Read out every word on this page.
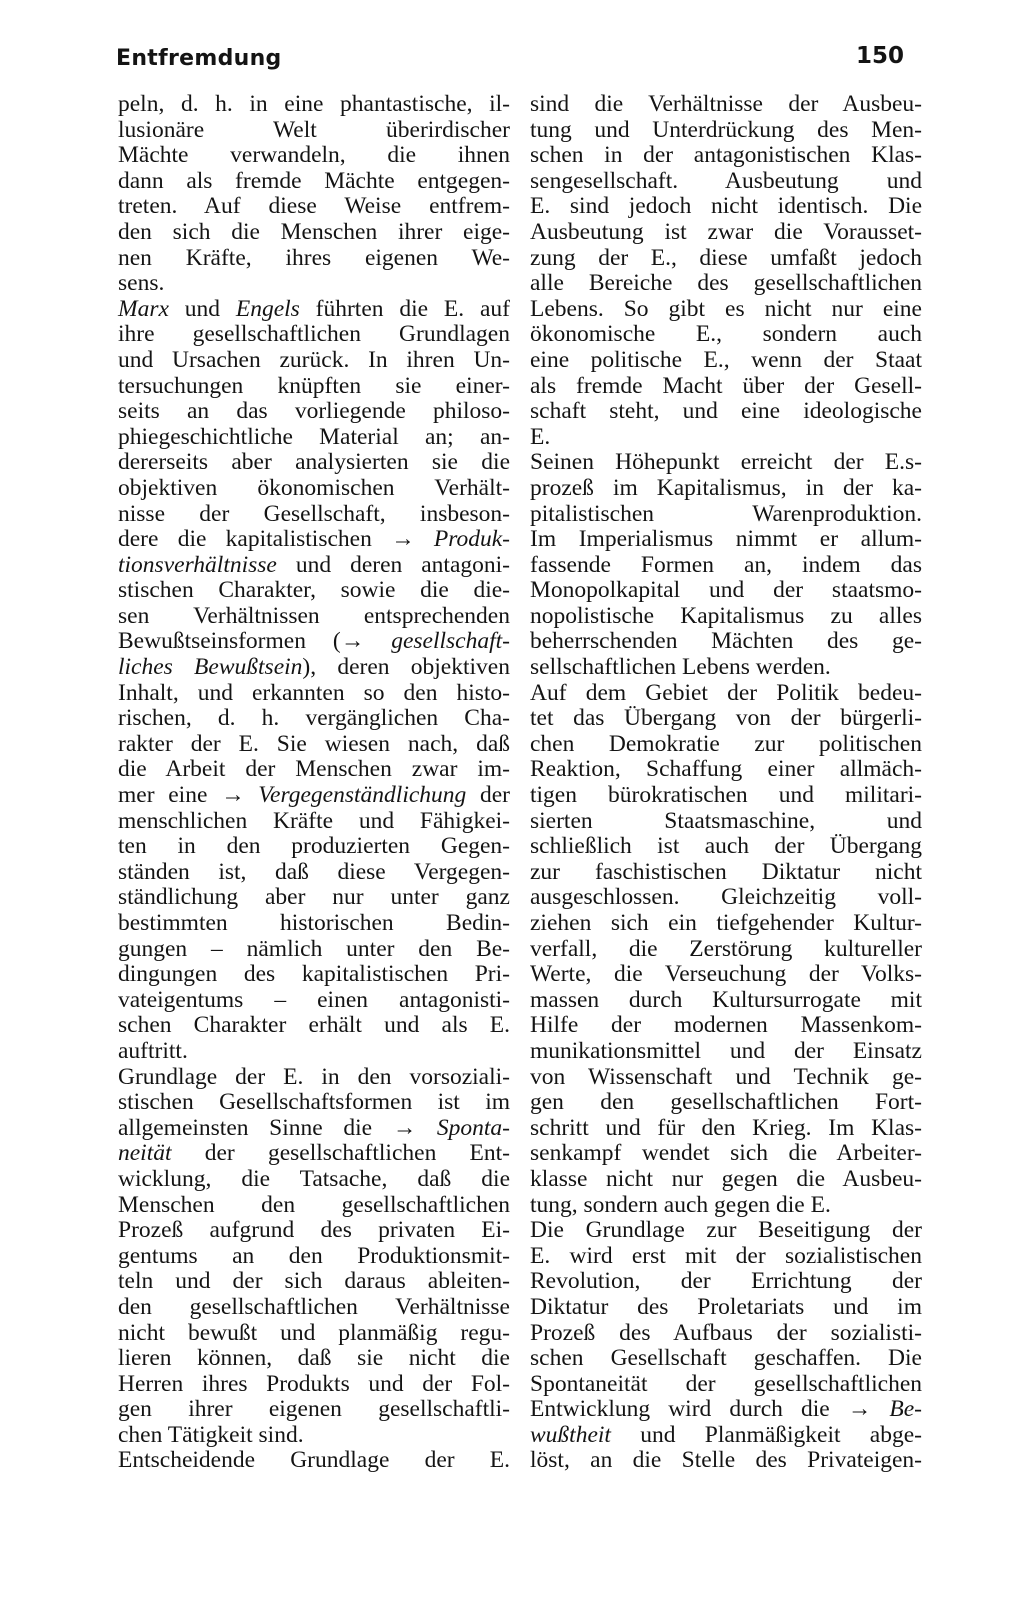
Entfremdung	150
peln, d. h. in eine phantastische, il-
lusionäre Welt überirdischer
Mächte verwandeln, die ihnen
dann als fremde Mächte entgegen-
treten. Auf diese Weise entfrem-
den sich die Menschen ihrer eige-
nen Kräfte, ihres eigenen We-
sens.
Marx und Engels führten die E. auf
ihre gesellschaftlichen Grundlagen
und Ursachen zurück. In ihren Un-
tersuchungen knüpften sie einer-
seits an das vorliegende philoso-
phiegeschichtliche Material an; an-
dererseits aber analysierten sie die
objektiven ökonomischen Verhält-
nisse der Gesellschaft, insbeson-
dere die kapitalistischen → Produk-
tionsverhältnisse und deren antagoni-
stischen Charakter, sowie die die-
sen Verhältnissen entsprechenden
Bewußtseinsformen (→ gesellschaft-
liches Bewußtsein), deren objektiven
Inhalt, und erkannten so den histo-
rischen, d. h. vergänglichen Cha-
rakter der E. Sie wiesen nach, daß
die Arbeit der Menschen zwar im-
mer eine → Vergegenständlichung der
menschlichen Kräfte und Fähigkei-
ten in den produzierten Gegen-
ständen ist, daß diese Vergegen-
ständlichung aber nur unter ganz
bestimmten historischen Bedin-
gungen – nämlich unter den Be-
dingungen des kapitalistischen Pri-
vateigentums – einen antagonisti-
schen Charakter erhält und als E.
auftritt.
Grundlage der E. in den vorsoziali-
stischen Gesellschaftsformen ist im
allgemeinsten Sinne die → Sponta-
neität der gesellschaftlichen Ent-
wicklung, die Tatsache, daß die
Menschen den gesellschaftlichen
Prozeß aufgrund des privaten Ei-
gentums an den Produktionsmit-
teln und der sich daraus ableiten-
den gesellschaftlichen Verhältnisse
nicht bewußt und planmäßig regu-
lieren können, daß sie nicht die
Herren ihres Produkts und der Fol-
gen ihrer eigenen gesellschaftli-
chen Tätigkeit sind.
Entscheidende Grundlage der E.
sind die Verhältnisse der Ausbeu-
tung und Unterdrückung des Men-
schen in der antagonistischen Klas-
sengesellschaft. Ausbeutung und
E. sind jedoch nicht identisch. Die
Ausbeutung ist zwar die Vorausset-
zung der E., diese umfaßt jedoch
alle Bereiche des gesellschaftlichen
Lebens. So gibt es nicht nur eine
ökonomische E., sondern auch
eine politische E., wenn der Staat
als fremde Macht über der Gesell-
schaft steht, und eine ideologische
E.
Seinen Höhepunkt erreicht der E.s-
prozeß im Kapitalismus, in der ka-
pitalistischen Warenproduktion.
Im Imperialismus nimmt er allum-
fassende Formen an, indem das
Monopolkapital und der staatsmo-
nopolistische Kapitalismus zu alles
beherrschenden Mächten des ge-
sellschaftlichen Lebens werden.
Auf dem Gebiet der Politik bedeu-
tet das Übergang von der bürgerli-
chen Demokratie zur politischen
Reaktion, Schaffung einer allmäch-
tigen bürokratischen und militari-
sierten Staatsmaschine, und
schließlich ist auch der Übergang
zur faschistischen Diktatur nicht
ausgeschlossen. Gleichzeitig voll-
ziehen sich ein tiefgehender Kultur-
verfall, die Zerstörung kultureller
Werte, die Verseuchung der Volks-
massen durch Kultursurrogate mit
Hilfe der modernen Massenkom-
munikationsmittel und der Einsatz
von Wissenschaft und Technik ge-
gen den gesellschaftlichen Fort-
schritt und für den Krieg. Im Klas-
senkampf wendet sich die Arbeiter-
klasse nicht nur gegen die Ausbeu-
tung, sondern auch gegen die E.
Die Grundlage zur Beseitigung der
E. wird erst mit der sozialistischen
Revolution, der Errichtung der
Diktatur des Proletariats und im
Prozeß des Aufbaus der sozialisti-
schen Gesellschaft geschaffen. Die
Spontaneität der gesellschaftlichen
Entwicklung wird durch die → Be-
wußtheit und Planmäßigkeit abge-
löst, an die Stelle des Privateigen-
